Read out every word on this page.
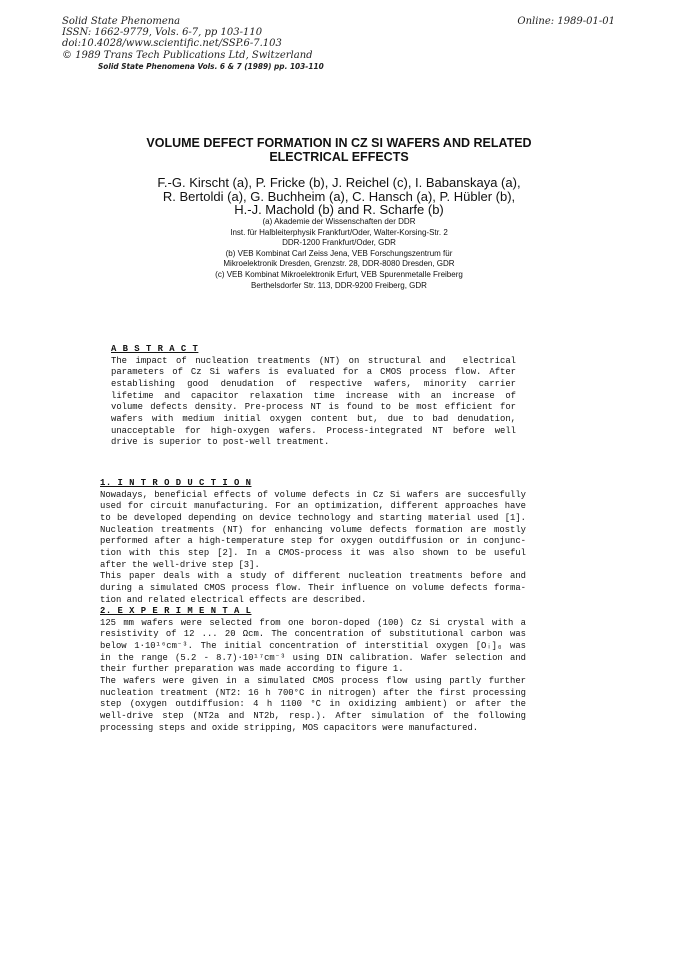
Solid State Phenomena
ISSN: 1662-9779, Vols. 6-7, pp 103-110
doi:10.4028/www.scientific.net/SSP.6-7.103
© 1989 Trans Tech Publications Ltd, Switzerland
Online: 1989-01-01
Solid State Phenomena Vols. 6 & 7 (1989) pp. 103-110
VOLUME DEFECT FORMATION IN CZ SI WAFERS AND RELATED
ELECTRICAL EFFECTS
F.-G. Kirscht (a), P. Fricke (b), J. Reichel (c), I. Babanskaya (a),
R. Bertoldi (a), G. Buchheim (a), C. Hansch (a), P. Hübler (b),
H.-J. Machold (b) and R. Scharfe (b)
(a) Akademie der Wissenschaften der DDR
Inst. für Halbleiterphysik Frankfurt/Oder, Walter-Korsing-Str. 2
DDR-1200 Frankfurt/Oder, GDR
(b) VEB Kombinat Carl Zeiss Jena, VEB Forschungszentrum für
Mikroelektronik Dresden, Grenzstr. 28, DDR-8080 Dresden, GDR
(c) VEB Kombinat Mikroelektronik Erfurt, VEB Spurenmetalle Freiberg
Berthelsdorfer Str. 113, DDR-9200 Freiberg, GDR
A B S T R A C T
The impact of nucleation treatments (NT) on structural and  electrical
parameters of Cz Si wafers is evaluated for a CMOS process flow. After
establishing good denudation of respective wafers, minority carrier
lifetime and capacitor relaxation time increase with an increase of
volume defects density. Pre-process NT is found to be most efficient for
wafers with medium initial oxygen content but, due to bad denudation,
unacceptable for high-oxygen wafers. Process-integrated NT before well
drive is superior to post-well treatment.
1. I N T R O D U C T I O N
Nowadays, beneficial effects of volume defects in Cz Si wafers are succesfully
used for circuit manufacturing. For an optimization, different approaches have
to be developed depending on device technology and starting material used [1].
Nucleation treatments (NT) for enhancing volume defects formation are mostly
performed after a high-temperature step for oxygen outdiffusion or in conjunc-
tion with this step [2]. In a CMOS-process it was also shown to be useful
after the well-drive step [3].
This paper deals with a study of different nucleation treatments before and
during a simulated CMOS process flow. Their influence on volume defects forma-
tion and related electrical effects are described.
2. E X P E R I M E N T A L
125 mm wafers were selected from one boron-doped (100) Cz Si crystal with a
resistivity of 12 ... 20 Ωcm. The concentration of substitutional carbon was
below 1·10¹⁶cm⁻³. The initial concentration of interstitial oxygen [Oᵢ]₀ was
in the range (5.2 - 8.7)·10¹⁷cm⁻³ using DIN calibration. Wafer selection and
their further preparation was made according to figure 1.
The wafers were given in a simulated CMOS process flow using partly further
nucleation treatment (NT2: 16 h 700°C in nitrogen) after the first processing
step (oxygen outdiffusion: 4 h 1100 °C in oxidizing ambient) or after the
well-drive step (NT2a and NT2b, resp.). After simulation of the following
processing steps and oxide stripping, MOS capacitors were manufactured.
